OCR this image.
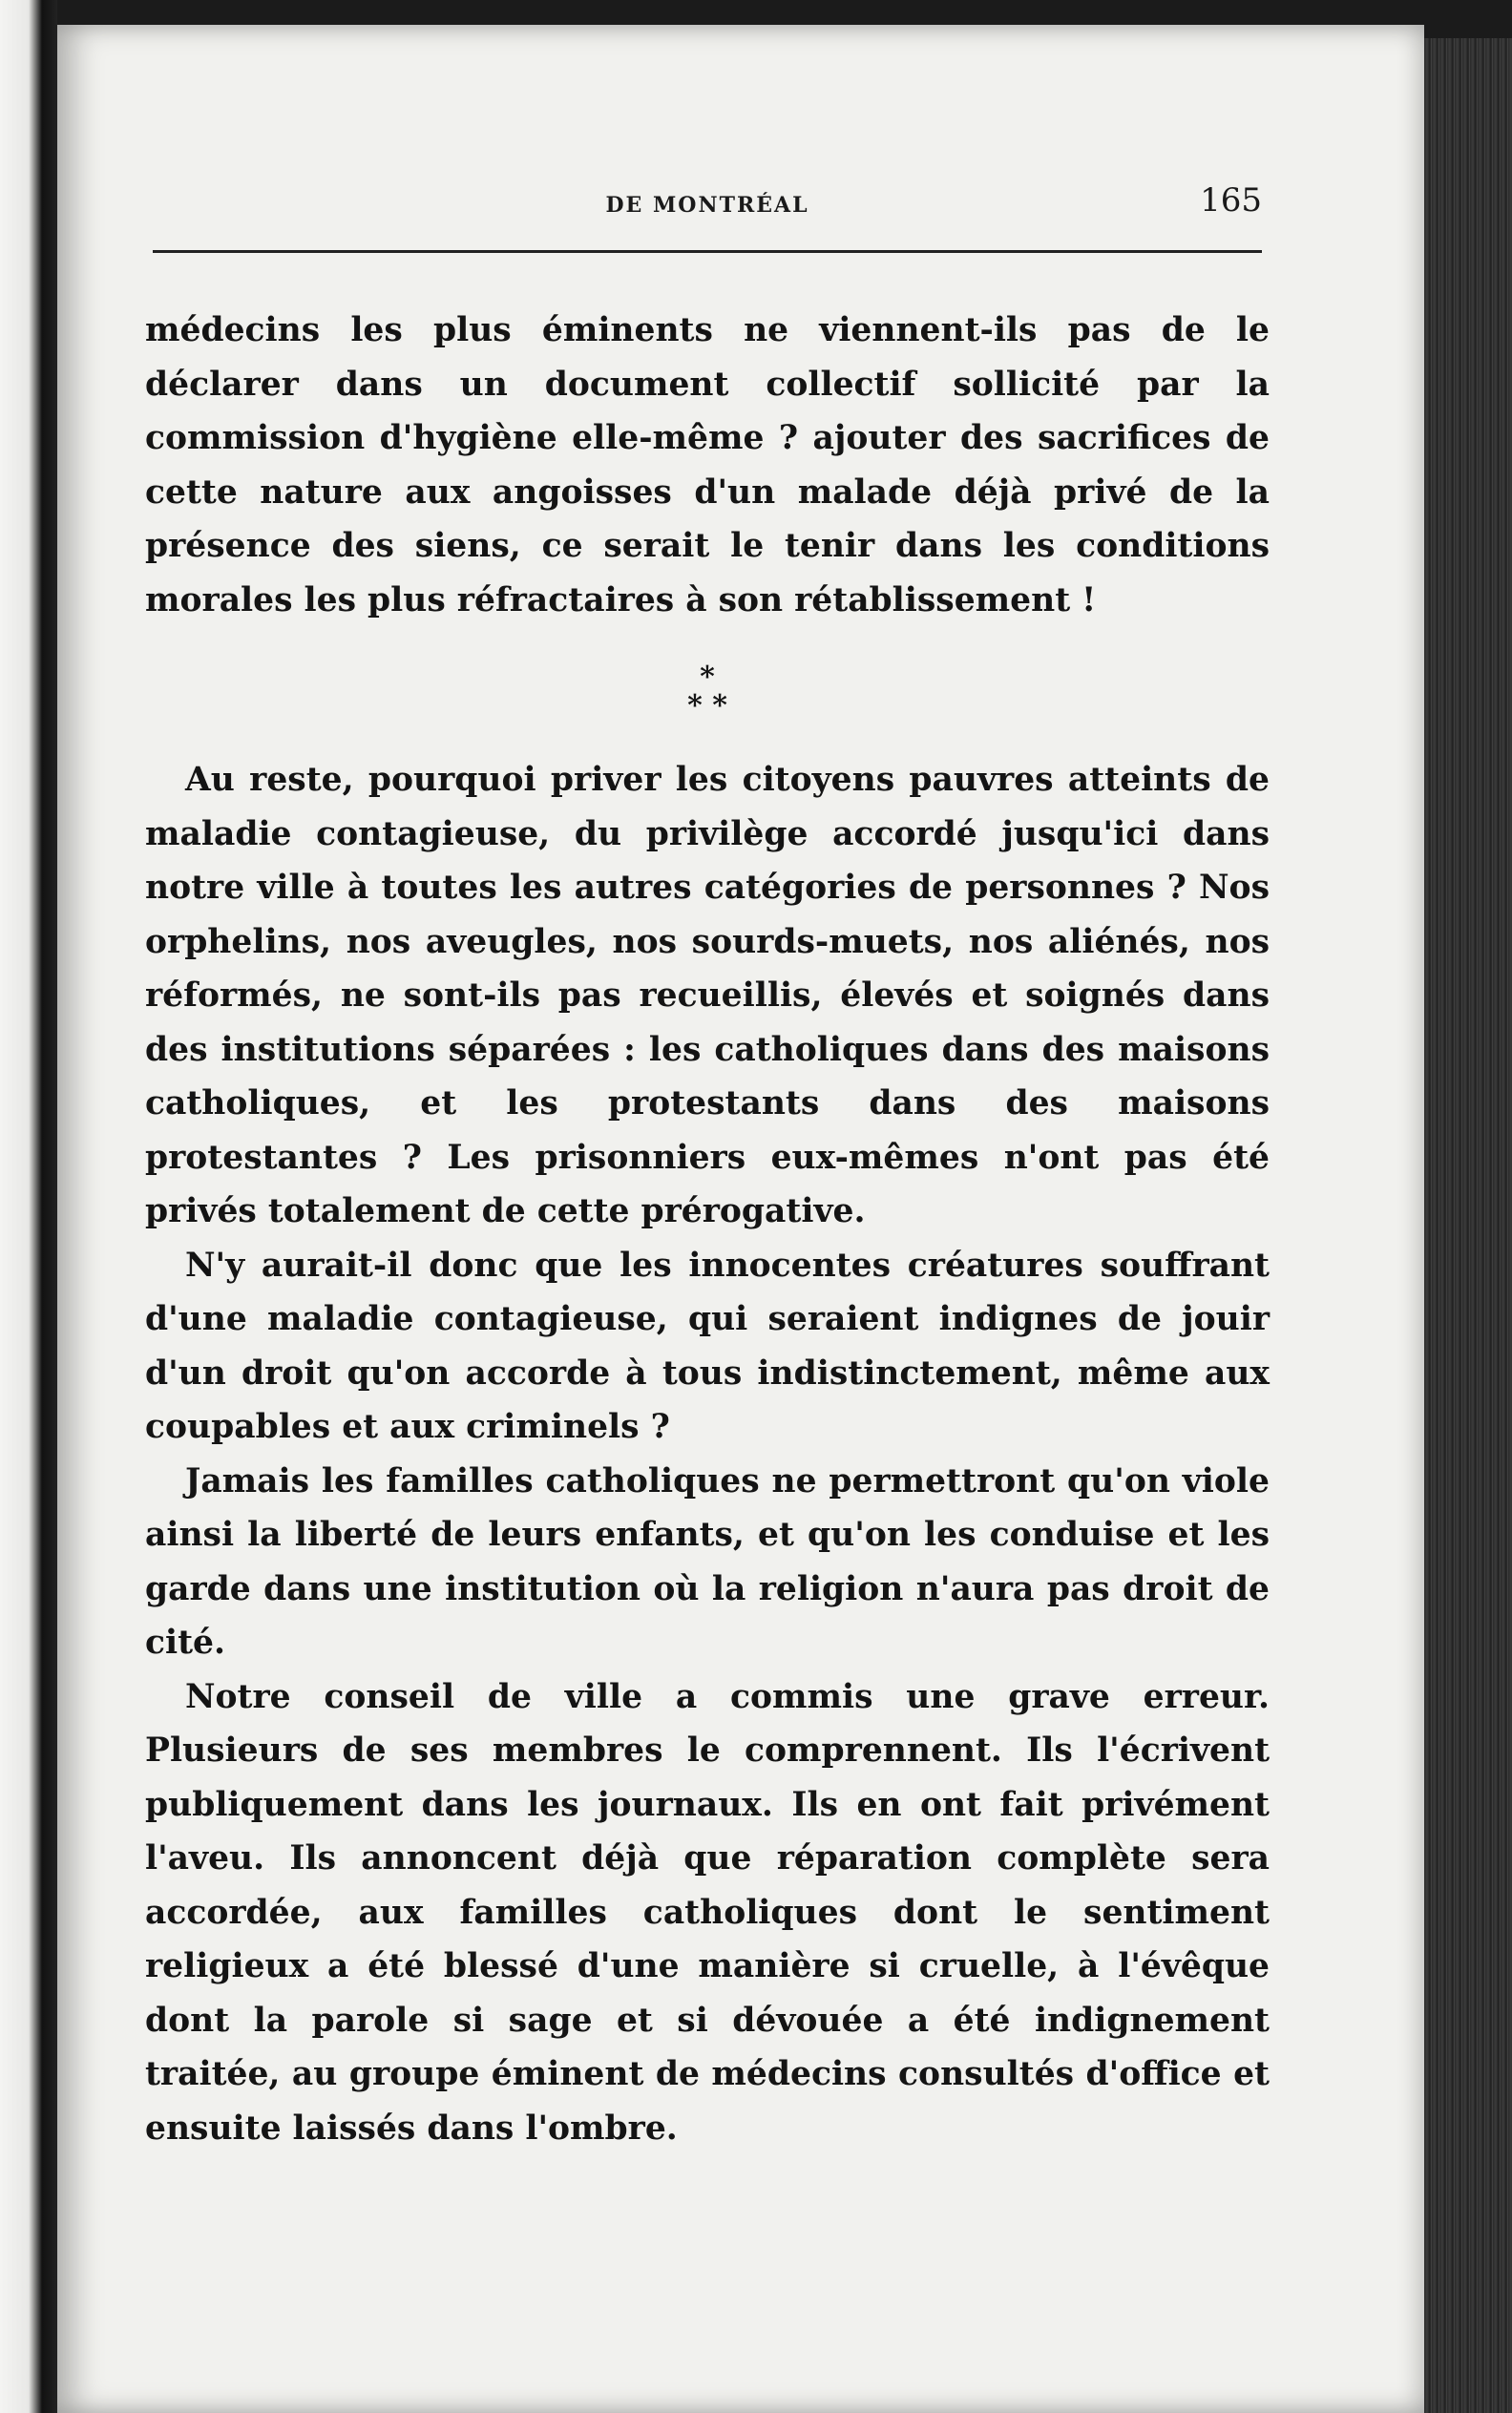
DE MONTRÉAL	165

médecins les plus éminents ne viennent-ils pas de le déclarer dans un document collectif sollicité par la commission d'hygiène elle-même ? ajouter des sacrifices de cette nature aux angoisses d'un malade déjà privé de la présence des siens, ce serait le tenir dans les conditions morales les plus réfractaires à son rétablissement !

*
* *

Au reste, pourquoi priver les citoyens pauvres atteints de maladie contagieuse, du privilège accordé jusqu'ici dans notre ville à toutes les autres catégories de personnes ? Nos orphelins, nos aveugles, nos sourds-muets, nos aliénés, nos réformés, ne sont-ils pas recueillis, élevés et soignés dans des institutions séparées : les catholiques dans des maisons catholiques, et les protestants dans des maisons protestantes ? Les prisonniers eux-mêmes n'ont pas été privés totalement de cette prérogative.

N'y aurait-il donc que les innocentes créatures souffrant d'une maladie contagieuse, qui seraient indignes de jouir d'un droit qu'on accorde à tous indistinctement, même aux coupables et aux criminels ?

Jamais les familles catholiques ne permettront qu'on viole ainsi la liberté de leurs enfants, et qu'on les conduise et les garde dans une institution où la religion n'aura pas droit de cité.

Notre conseil de ville a commis une grave erreur. Plusieurs de ses membres le comprennent. Ils l'écrivent publiquement dans les journaux. Ils en ont fait privément l'aveu. Ils annoncent déjà que réparation complète sera accordée, aux familles catholiques dont le sentiment religieux a été blessé d'une manière si cruelle, à l'évêque dont la parole si sage et si dévouée a été indignement traitée, au groupe éminent de médecins consultés d'office et ensuite laissés dans l'ombre.
